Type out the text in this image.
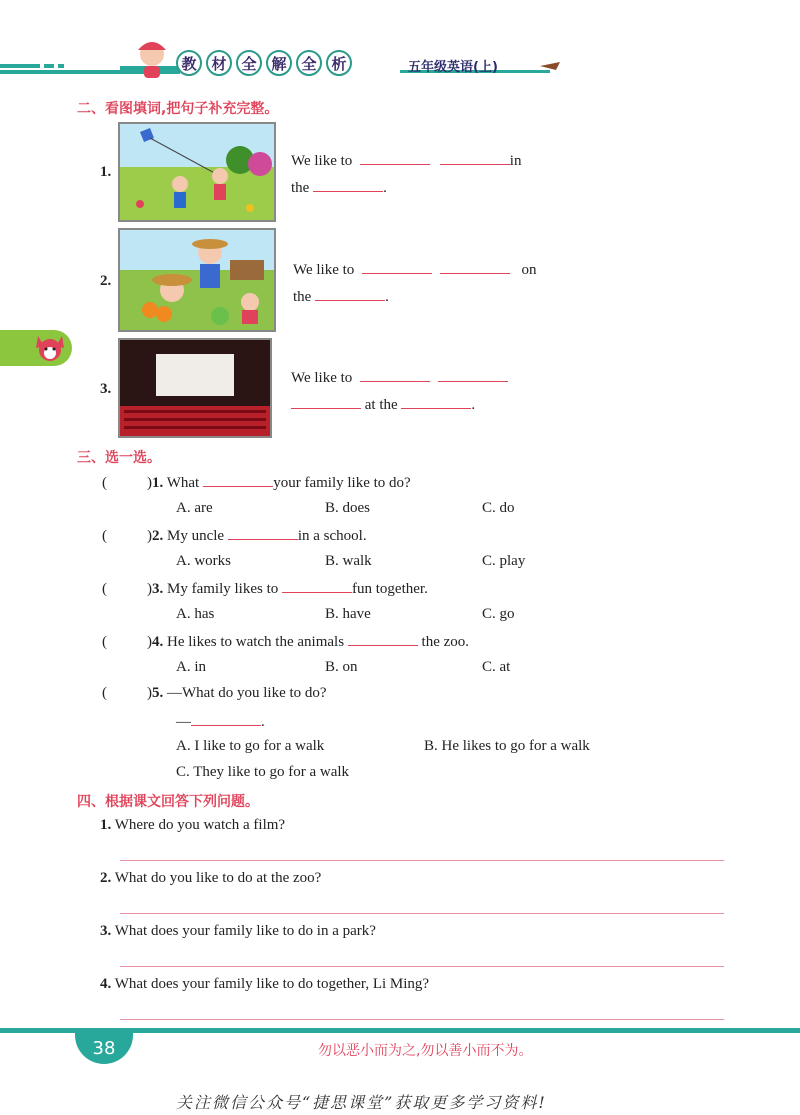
教 材 全 解 全 析	五年级英语(上)
二、看图填词,把句子补充完整。
1.
We like to	in
the	.
2.
We like to	on
the	.
3.
We like to
at the	.
三、选一选。
(	)1. What	your family like to do?
A. are	B. does	C. do
(	)2. My uncle	in a school.
A. works	B. walk	C. play
(	)3. My family likes to	fun together.
A. has	B. have	C. go
(	)4. He likes to watch the animals	the zoo.
A. in	B. on	C. at
(	)5. —What do you like to do?
—	.
A. I like to go for a walk	B. He likes to go for a walk
C. They like to go for a walk
四、根据课文回答下列问题。
1. Where do you watch a film?
2. What do you like to do at the zoo?
3. What does your family like to do in a park?
4. What does your family like to do together, Li Ming?
38	勿以恶小而为之,勿以善小而不为。
关注微信公众号“捷思课堂”获取更多学习资料!
